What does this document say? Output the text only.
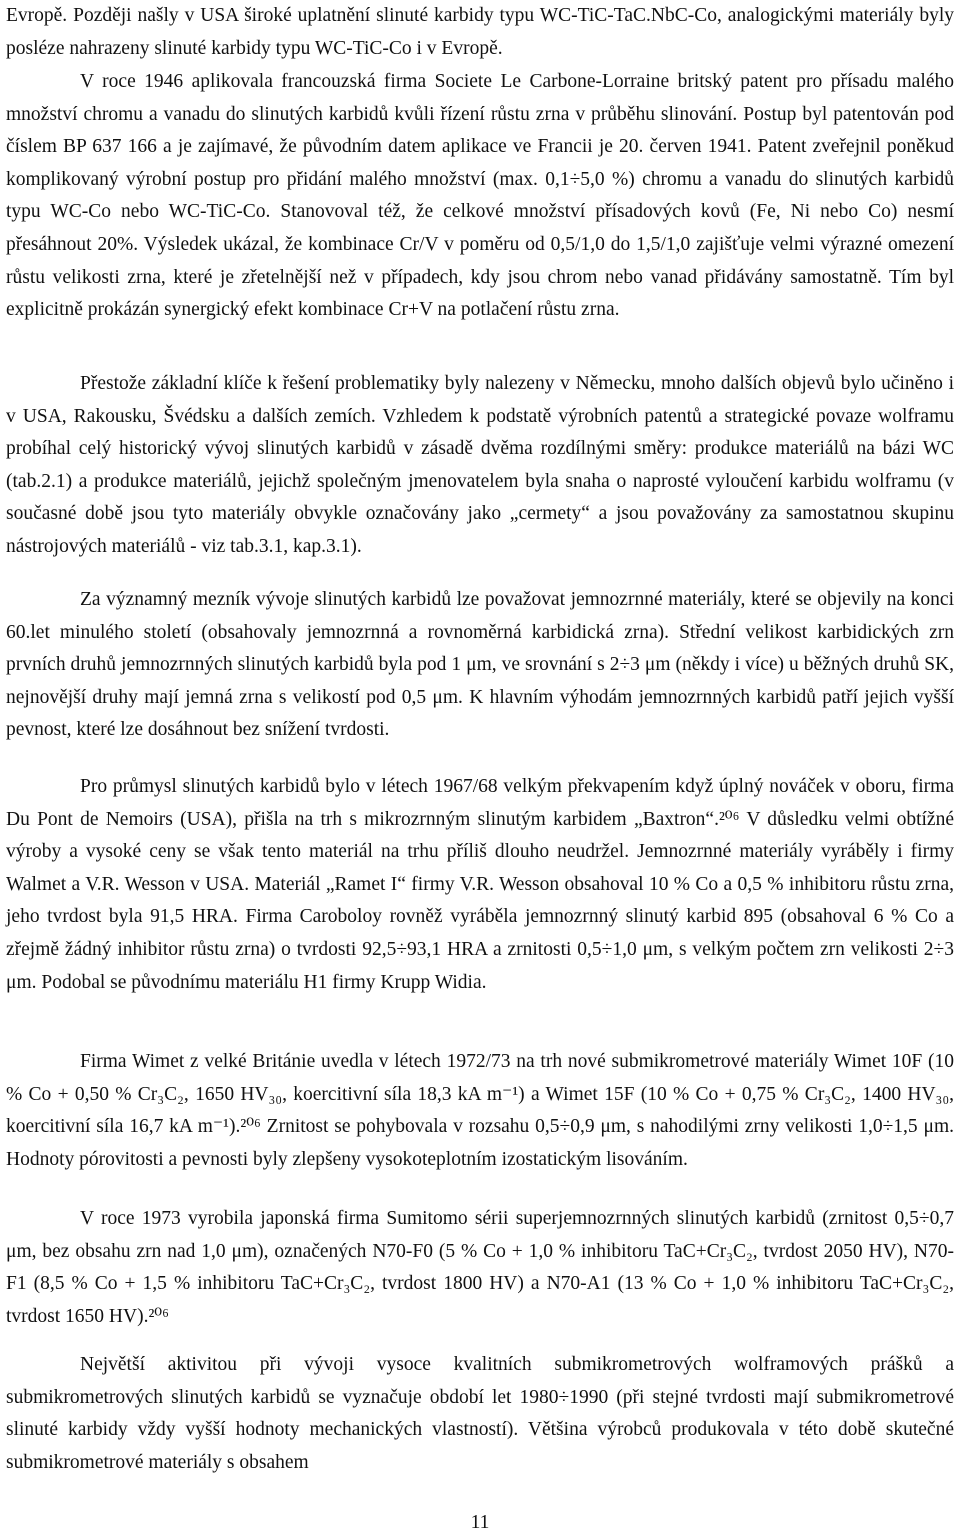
Evropě. Později našly v USA široké uplatnění slinuté karbidy typu WC-TiC-TaC.NbC-Co, analogickými materiály byly posléze nahrazeny slinuté karbidy typu WC-TiC-Co i v Evropě.

V roce 1946 aplikovala francouzská firma Societe Le Carbone-Lorraine britský patent pro přísadu malého množství chromu a vanadu do slinutých karbidů kvůli řízení růstu zrna v průběhu slinování. Postup byl patentován pod číslem BP 637 166 a je zajímavé, že původním datem aplikace ve Francii je 20. červen 1941. Patent zveřejnil poněkud komplikovaný výrobní postup pro přidání malého množství (max. 0,1÷5,0 %) chromu a vanadu do slinutých karbidů typu WC-Co nebo WC-TiC-Co. Stanovoval též, že celkové množství přísadových kovů (Fe, Ni nebo Co) nesmí přesáhnout 20%. Výsledek ukázal, že kombinace Cr/V v poměru od 0,5/1,0 do 1,5/1,0 zajišťuje velmi výrazné omezení růstu velikosti zrna, které je zřetelnější než v případech, kdy jsou chrom nebo vanad přidávány samostatně. Tím byl explicitně prokázán synergický efekt kombinace Cr+V na potlačení růstu zrna.

Přestože základní klíče k řešení problematiky byly nalezeny v Německu, mnoho dalších objevů bylo učiněno i v USA, Rakousku, Švédsku a dalších zemích. Vzhledem k podstatě výrobních patentů a strategické povaze wolframu probíhal celý historický vývoj slinutých karbidů v zásadě dvěma rozdílnými směry: produkce materiálů na bázi WC (tab.2.1) a produkce materiálů, jejichž společným jmenovatelem byla snaha o naprosté vyloučení karbidu wolframu (v současné době jsou tyto materiály obvykle označovány jako „cermety“ a jsou považovány za samostatnou skupinu nástrojových materiálů - viz tab.3.1, kap.3.1).

Za významný mezník vývoje slinutých karbidů lze považovat jemnozrnné materiály, které se objevily na konci 60.let minulého století (obsahovaly jemnozrnná a rovnoměrná karbidická zrna). Střední velikost karbidických zrn prvních druhů jemnozrnných slinutých karbidů byla pod 1 μm, ve srovnání s 2÷3 μm (někdy i více) u běžných druhů SK, nejnovější druhy mají jemná zrna s velikostí pod 0,5 μm. K hlavním výhodám jemnozrnných karbidů patří jejich vyšší pevnost, které lze dosáhnout bez snížení tvrdosti.

Pro průmysl slinutých karbidů bylo v létech 1967/68 velkým překvapením když úplný nováček v oboru, firma Du Pont de Nemoirs (USA), přišla na trh s mikrozrnným slinutým karbidem „Baxtron“.²⁰⁶ V důsledku velmi obtížné výroby a vysoké ceny se však tento materiál na trhu příliš dlouho neudržel. Jemnozrnné materiály vyráběly i firmy Walmet a V.R. Wesson v USA. Materiál „Ramet I“ firmy V.R. Wesson obsahoval 10 % Co a 0,5 % inhibitoru růstu zrna, jeho tvrdost byla 91,5 HRA. Firma Caroboloy rovněž vyráběla jemnozrnný slinutý karbid 895 (obsahoval 6 % Co a zřejmě žádný inhibitor růstu zrna) o tvrdosti 92,5÷93,1 HRA a zrnitosti 0,5÷1,0 μm, s velkým počtem zrn velikosti 2÷3 μm. Podobal se původnímu materiálu H1 firmy Krupp Widia.

Firma Wimet z velké Británie uvedla v létech 1972/73 na trh nové submikrometrové materiály Wimet 10F (10 % Co + 0,50 % Cr₃C₂, 1650 HV₃₀, koercitivní síla 18,3 kA m⁻¹) a Wimet 15F (10 % Co + 0,75 % Cr₃C₂, 1400 HV₃₀, koercitivní síla 16,7 kA m⁻¹).²⁰⁶ Zrnitost se pohybovala v rozsahu 0,5÷0,9 μm, s nahodilými zrny velikosti 1,0÷1,5 μm. Hodnoty pórovitosti a pevnosti byly zlepšeny vysokoteplotním izostatickým lisováním.

V roce 1973 vyrobila japonská firma Sumitomo sérii superjemnozrnných slinutých karbidů (zrnitost 0,5÷0,7 μm, bez obsahu zrn nad 1,0 μm), označených N70-F0 (5 % Co + 1,0 % inhibitoru TaC+Cr₃C₂, tvrdost 2050 HV), N70-F1 (8,5 % Co + 1,5 % inhibitoru TaC+Cr₃C₂, tvrdost 1800 HV) a N70-A1 (13 % Co + 1,0 % inhibitoru TaC+Cr₃C₂, tvrdost 1650 HV).²⁰⁶

Největší aktivitou při vývoji vysoce kvalitních submikrometrových wolframových prášků a submikrometrových slinutých karbidů se vyznačuje období let 1980÷1990 (při stejné tvrdosti mají submikrometrové slinuté karbidy vždy vyšší hodnoty mechanických vlastností). Většina výrobců produkovala v této době skutečné submikrometrové materiály s obsahem

11
